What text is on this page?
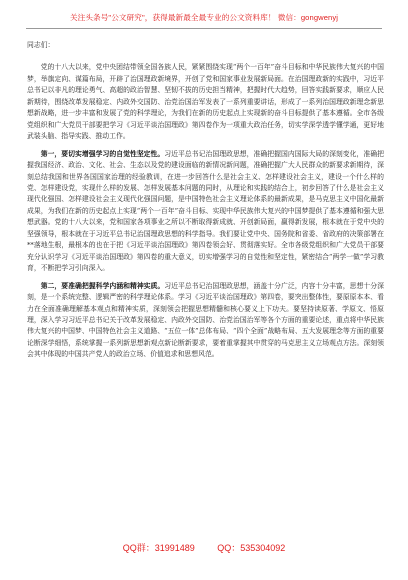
关注头条号"公文研究"，获得最新最全最专业的公文资料库！ 微信：gongwenyj

同志们：

党的十八大以来，党中央团结带领全国各族人民，紧紧围绕实现“两个一百年”奋斗目标和中华民族伟大复兴的中国梦，举旗定向、谋篇布局，开辟了治国理政新境界，开创了党和国家事业发展新局面。在治国理政新的实践中，习近平总书记以非凡的理论勇气、高超的政治智慧、坚韧不拔的历史担当精神，把握时代大趋势，回答实践新要求，顺应人民新期待，围绕改革发展稳定、内政外交国防、治党治国治军发表了一系列重要讲话，形成了一系列治国理政新理念新思想新战略，进一步丰富和发展了党的科学理论，为我们在新的历史起点上实现新的奋斗目标提供了基本遵循。全市各级党组织和广大党员干部要把学习《习近平谈治国理政》第四卷作为一项重大政治任务，切实学深学透学懂学通，更好地武装头脑、指导实践、推动工作。

第一，要切实增强学习的自觉性坚定性。习近平总书记治国理政思想，准确把握国内国际大局的深刻变化，准确把握我国经济、政治、文化、社会、生态以及党的建设面临的新情况新问题，准确把握广大人民群众的新要求新期待，深刻总结我国和世界各国国家治理的经验教训，在进一步回答什么是社会主义、怎样建设社会主义，建设一个什么样的党、怎样建设党，实现什么样的发展、怎样发展基本问题的同时，从理论和实践的结合上，初步回答了什么是社会主义现代化强国、怎样建设社会主义现代化强国问题，是中国特色社会主义理论体系的最新成果，是马克思主义中国化最新成果，为我们在新的历史起点上实现“两个一百年”奋斗目标、实现中华民族伟大复兴的中国梦提供了基本遵循和强大思想武器。党的十八大以来，党和国家各项事业之所以不断取得新成就、开创新局面，赢得新发展，根本就在于党中央的坚强领导，根本就在于习近平总书记治国理政思想的科学指导。我们要让党中央、国务院和省委、省政府的决策部署在**落地生根，最根本的也在于把《习近平谈治国理政》第四卷领会好、贯彻落实好。全市各级党组织和广大党员干部要充分认识学习《习近平谈治国理政》第四卷的重大意义，切实增强学习的自觉性和坚定性，紧密结合“两学一做”学习教育，不断把学习引向深入。

第二，要准确把握科学内涵和精神实质。习近平总书记治国理政思想，涵盖十分广泛，内容十分丰富，思想十分深刻，是一个系统完整、逻辑严密的科学理论体系。学习《习近平谈治国理政》第四卷，要突出整体性，要原原本本、看力在全面准确理解基本观点和精神实质，深刻领会把握思想精髓和核心要义上下功夫。要坚持读原著、学原文、悟原理，深入学习习近平总书记关于改革发展稳定、内政外交国防、治党治国治军等各个方面的重要论述，重点将中华民族伟大复兴的中国梦、中国特色社会主义道路、“五位一体”总体布局、“四个全面”战略布局、五大发展理念等方面的重要论断深学细悟，系统掌握一系列新思想新观点新论断新要求，要着重掌握其中贯穿的马克思主义立场观点方法。深刻领会其中体现的中国共产党人的政治立场、价值追求和思想风范。

QQ群：31991489	QQ：535304092
